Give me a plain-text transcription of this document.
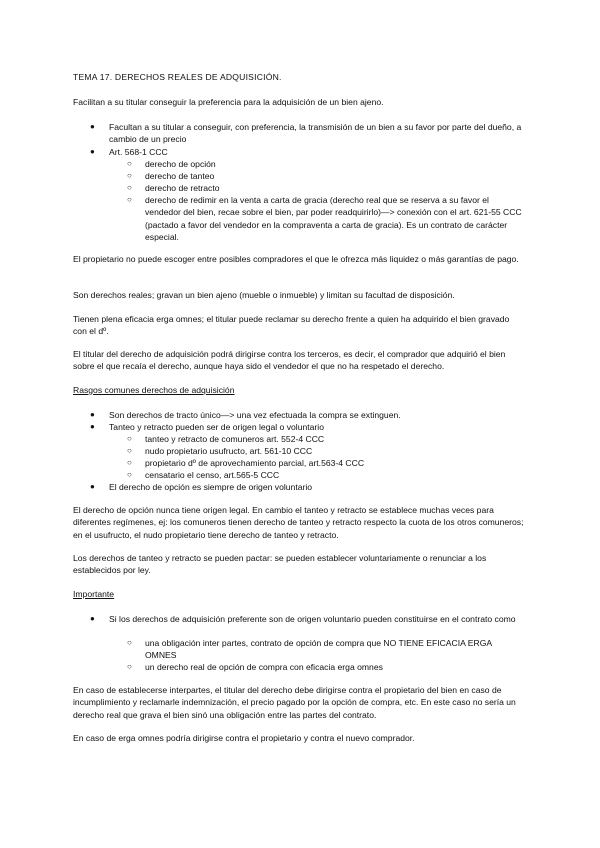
TEMA 17. DERECHOS REALES DE ADQUISICIÓN.

Facilitan a su titular conseguir la preferencia para la adquisición de un bien ajeno.

● Facultan a su titular a conseguir, con preferencia, la transmisión de un bien a su favor por parte del dueño, a cambio de un precio

● Art. 568-1 CCC

○ derecho de opción

○ derecho de tanteo

○ derecho de retracto

○ derecho de redimir en la venta a carta de gracia (derecho real que se reserva a su favor el vendedor del bien, recae sobre el bien, par poder readquirirlo)—> conexión con el art. 621-55 CCC (pactado a favor del vendedor en la compraventa a carta de gracia). Es un contrato de carácter especial.

El propietario no puede escoger entre posibles compradores el que le ofrezca más liquidez o más garantías de pago.

Son derechos reales; gravan un bien ajeno (mueble o inmueble) y limitan su facultad de disposición.

Tienen plena eficacia erga omnes; el titular puede reclamar su derecho frente a quien ha adquirido el bien gravado con el dº.

El titular del derecho de adquisición podrá dirigirse contra los terceros, es decir, el comprador que adquirió el bien sobre el que recaía el derecho, aunque haya sido el vendedor el que no ha respetado el derecho.

Rasgos comunes derechos de adquisición

● Son derechos de tracto único—> una vez efectuada la compra se extinguen.

● Tanteo y retracto pueden ser de origen legal o voluntario

○ tanteo y retracto de comuneros art. 552-4 CCC

○ nudo propietario usufructo, art. 561-10 CCC

○ propietario dº de aprovechamiento parcial, art.563-4 CCC

○ censatario el censo, art.565-5 CCC

● El derecho de opción es siempre de origen voluntario

El derecho de opción nunca tiene origen legal. En cambio el tanteo y retracto se establece muchas veces para diferentes regímenes, ej: los comuneros tienen derecho de tanteo y retracto respecto la cuota de los otros comuneros; en el usufructo, el nudo propietario tiene derecho de tanteo y retracto.

Los derechos de tanteo y retracto se pueden pactar: se pueden establecer voluntariamente o renunciar a los establecidos por ley.

Importante

● Si los derechos de adquisición preferente son de origen voluntario pueden constituirse en el contrato como

○ una obligación inter partes, contrato de opción de compra que NO TIENE EFICACIA ERGA OMNES

○ un derecho real de opción de compra con eficacia erga omnes

En caso de establecerse interpartes, el titular del derecho debe dirigirse contra el propietario del bien en caso de incumplimiento y reclamarle indemnización, el precio pagado por la opción de compra, etc. En este caso no sería un derecho real que grava el bien sinó una obligación entre las partes del contrato.

En caso de erga omnes podría dirigirse contra el propietario y contra el nuevo comprador.
